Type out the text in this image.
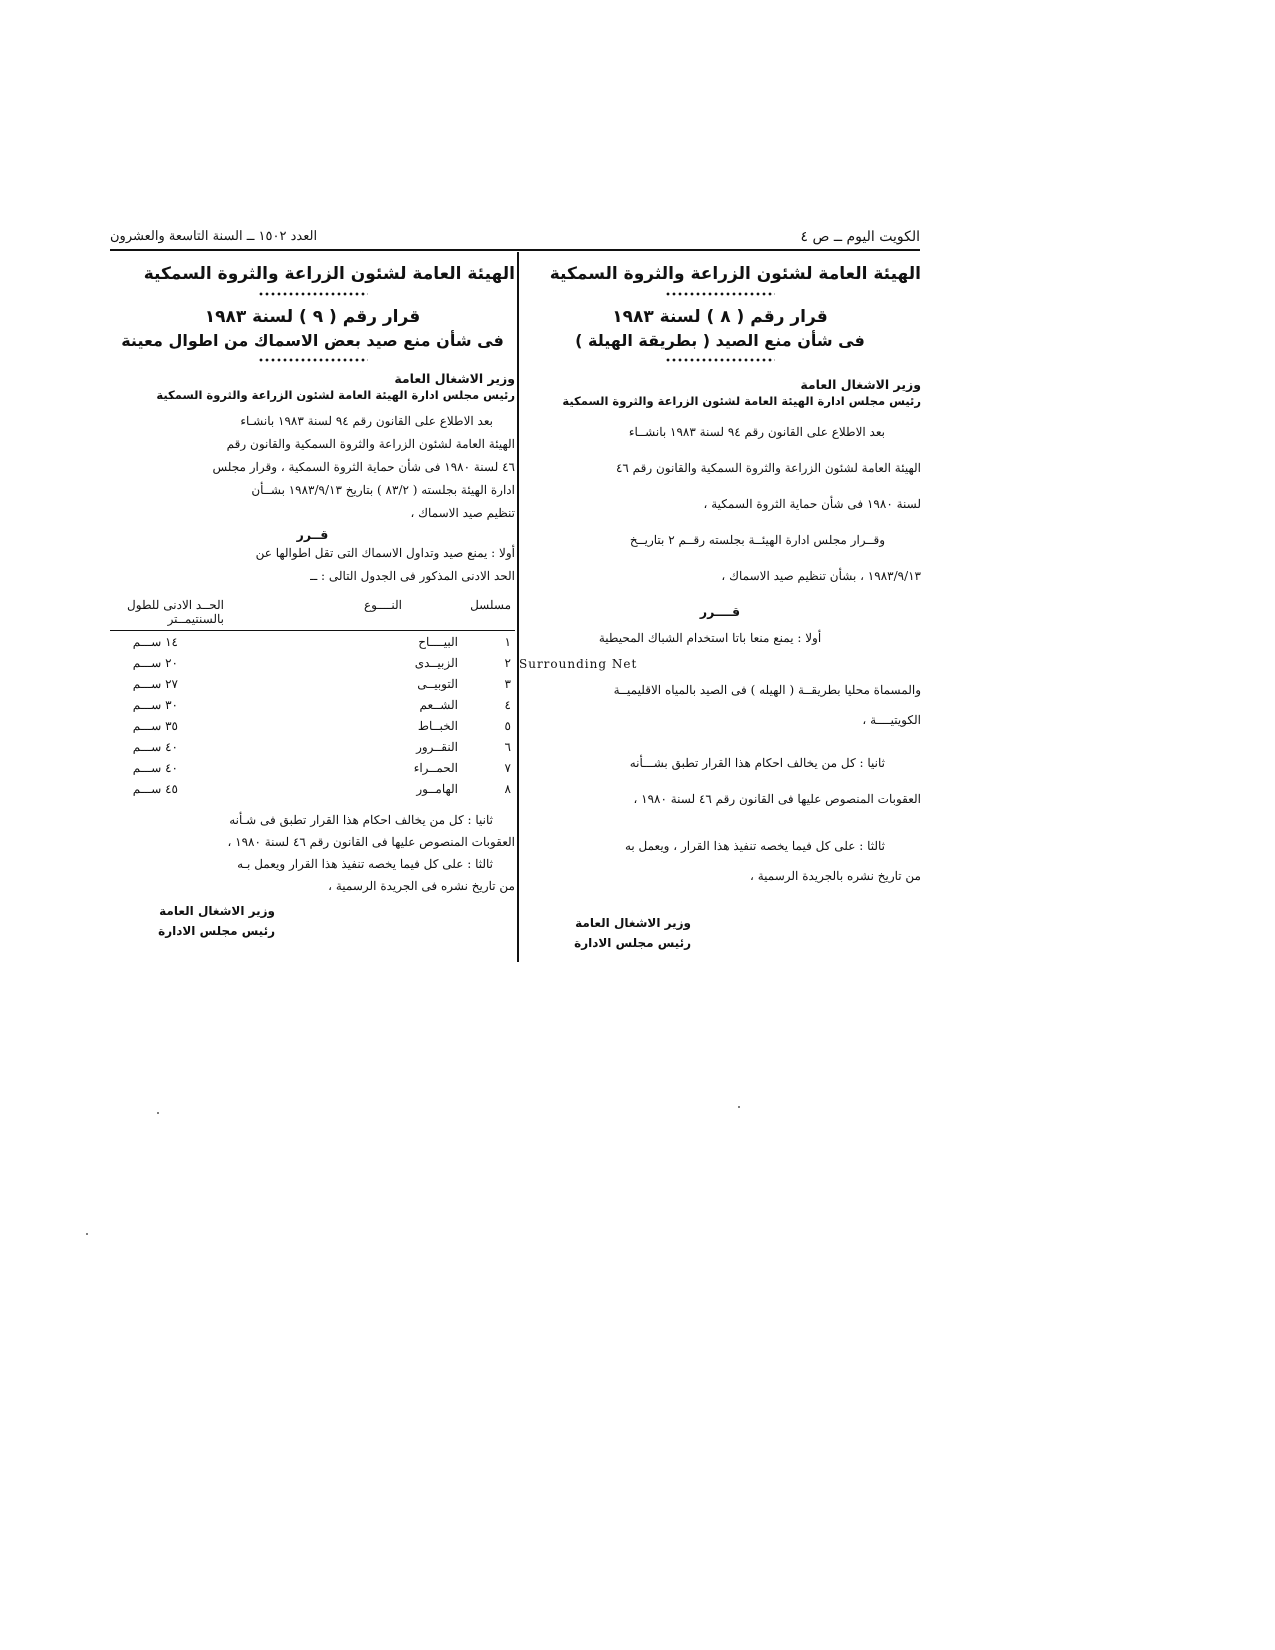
الكويت اليوم ــ ص ٤
العدد ١٥٠٢ ــ السنة التاسعة والعشرون
الهيئة العامة لشئون الزراعة والثروة السمكية
قرار رقم ( ٨ ) لسنة ١٩٨٣
فى شأن منع الصيد ( بطريقة الهيلة )
وزير الاشغال العامة
رئيس مجلس ادارة الهيئة العامة لشئون الزراعة والثروة السمكية

بعد الاطلاع على القانون رقم ٩٤ لسنة ١٩٨٣ بانشــاء

الهيئة العامة لشئون الزراعة والثروة السمكية والقانون رقم ٤٦

لسنة ١٩٨٠ فى شأن حماية الثروة السمكية ،

وقــرار مجلس ادارة الهيئــة بجلسته رقــم ٢ بتاريــخ

١٩٨٣/٩/١٣ ، بشأن تنظيم صيد الاسماك ،

قــــرر

أولا : يمنع منعا باتا استخدام الشباك المحيطية

Surrounding Net

والمسماة محليا بطريقــة ( الهيله ) فى الصيد بالمياه الاقليميــة

الكويتيــــة ،

ثانيا : كل من يخالف احكام هذا القرار تطبق بشـــأنه

العقوبات المنصوص عليها فى القانون رقم ٤٦ لسنة ١٩٨٠ ،

ثالثا : على كل فيما يخصه تنفيذ هذا القرار ، ويعمل به

من تاريخ نشره بالجريدة الرسمية ،

وزير الاشغال العامة
رئيس مجلس الادارة
الهيئة العامة لشئون الزراعة والثروة السمكية
قرار رقم ( ٩ ) لسنة ١٩٨٣
فى شأن منع صيد بعض الاسماك من اطوال معينة
وزير الاشغال العامة
رئيس مجلس ادارة الهيئة العامة لشئون الزراعة والثروة السمكية

بعد الاطلاع على القانون رقم ٩٤ لسنة ١٩٨٣ بانشـاء

الهيئة العامة لشئون الزراعة والثروة السمكية والقانون رقم

٤٦ لسنة ١٩٨٠ فى شأن حماية الثروة السمكية ، وقرار مجلس

ادارة الهيئة بجلسته ( ٨٣/٢ ) بتاريخ ١٩٨٣/٩/١٣ بشــأن

تنظيم صيد الاسماك ،

قــرر

أولا : يمنع صيد وتداول الاسماك التى تقل اطوالها عن

الحد الادنى المذكور فى الجدول التالى : ــ

مسلسل	النــــوع	الحــد الادنى للطول
بالسنتيمــتر

١	البيــــاح	١٤ ســـم
٢	الزبيــدى	٢٠ ســـم
٣	التوبيــى	٢٧ ســـم
٤	الشــعم	٣٠ ســـم
٥	الخبــاط	٣٥ ســـم
٦	النقــرور	٤٠ ســـم
٧	الحمــراء	٤٠ ســـم
٨	الهامــور	٤٥ ســـم

ثانيا : كل من يخالف احكام هذا القرار تطبق فى شـأنه

العقوبات المنصوص عليها فى القانون رقم ٤٦ لسنة ١٩٨٠ ،

ثالثا : على كل فيما يخصه تنفيذ هذا القرار ويعمل بـه

من تاريخ نشره فى الجريدة الرسمية ،

وزير الاشغال العامة
رئيس مجلس الادارة
